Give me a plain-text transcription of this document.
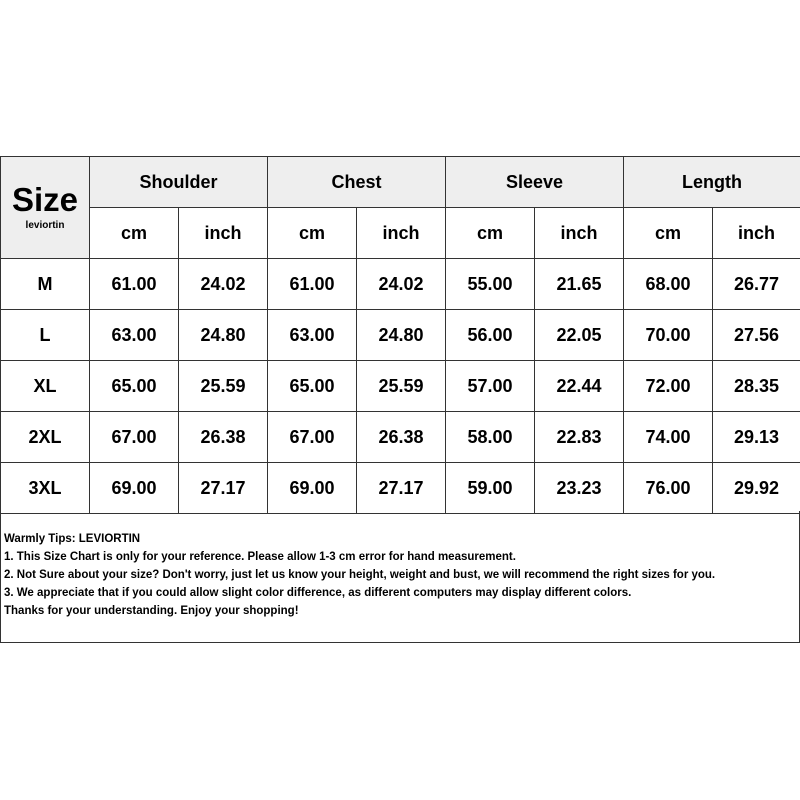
Size
leviortin	Shoulder		Chest		Sleeve		Length	
	cm	inch	cm	inch	cm	inch	cm	inch
M	61.00	24.02	61.00	24.02	55.00	21.65	68.00	26.77
L	63.00	24.80	63.00	24.80	56.00	22.05	70.00	27.56
XL	65.00	25.59	65.00	25.59	57.00	22.44	72.00	28.35
2XL	67.00	26.38	67.00	26.38	58.00	22.83	74.00	29.13
3XL	69.00	27.17	69.00	27.17	59.00	23.23	76.00	29.92
Warmly Tips: LEVIORTIN
1. This Size Chart is only for your reference. Please allow 1-3 cm error for hand measurement.
2. Not Sure about your size? Don't worry, just let us know your height, weight and bust, we will recommend the right sizes for you.
3. We appreciate that if you could allow slight color difference, as different computers may display different colors.
Thanks for your understanding. Enjoy your shopping!
